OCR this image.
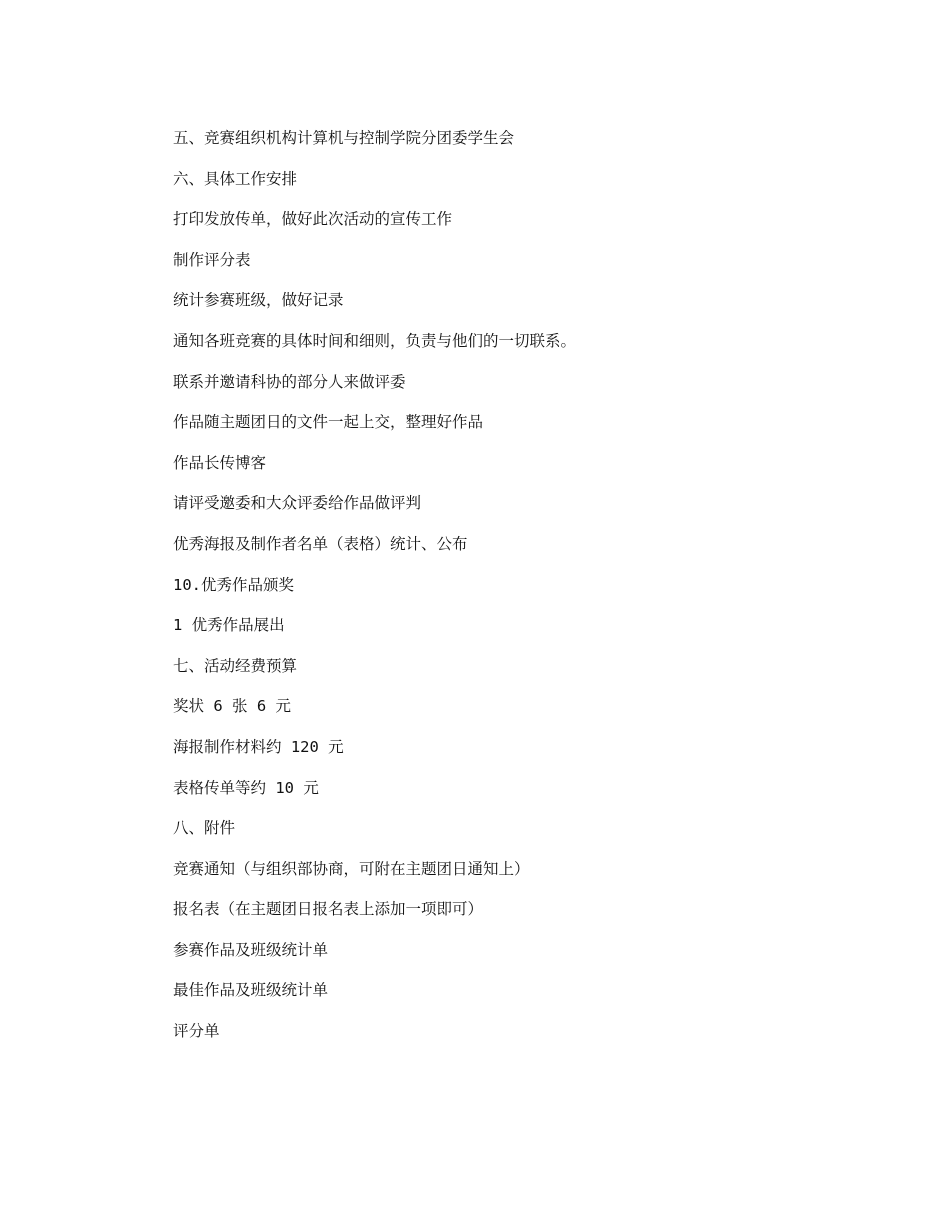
五、竞赛组织机构计算机与控制学院分团委学生会
六、具体工作安排
打印发放传单，做好此次活动的宣传工作
制作评分表
统计参赛班级，做好记录
通知各班竞赛的具体时间和细则，负责与他们的一切联系。
联系并邀请科协的部分人来做评委
作品随主题团日的文件一起上交，整理好作品
作品长传博客
请评受邀委和大众评委给作品做评判
优秀海报及制作者名单（表格）统计、公布
10.优秀作品颁奖
1 优秀作品展出
七、活动经费预算
奖状 6 张 6 元
海报制作材料约 120 元
表格传单等约 10 元
八、附件
竞赛通知（与组织部协商，可附在主题团日通知上）
报名表（在主题团日报名表上添加一项即可）
参赛作品及班级统计单
最佳作品及班级统计单
评分单
